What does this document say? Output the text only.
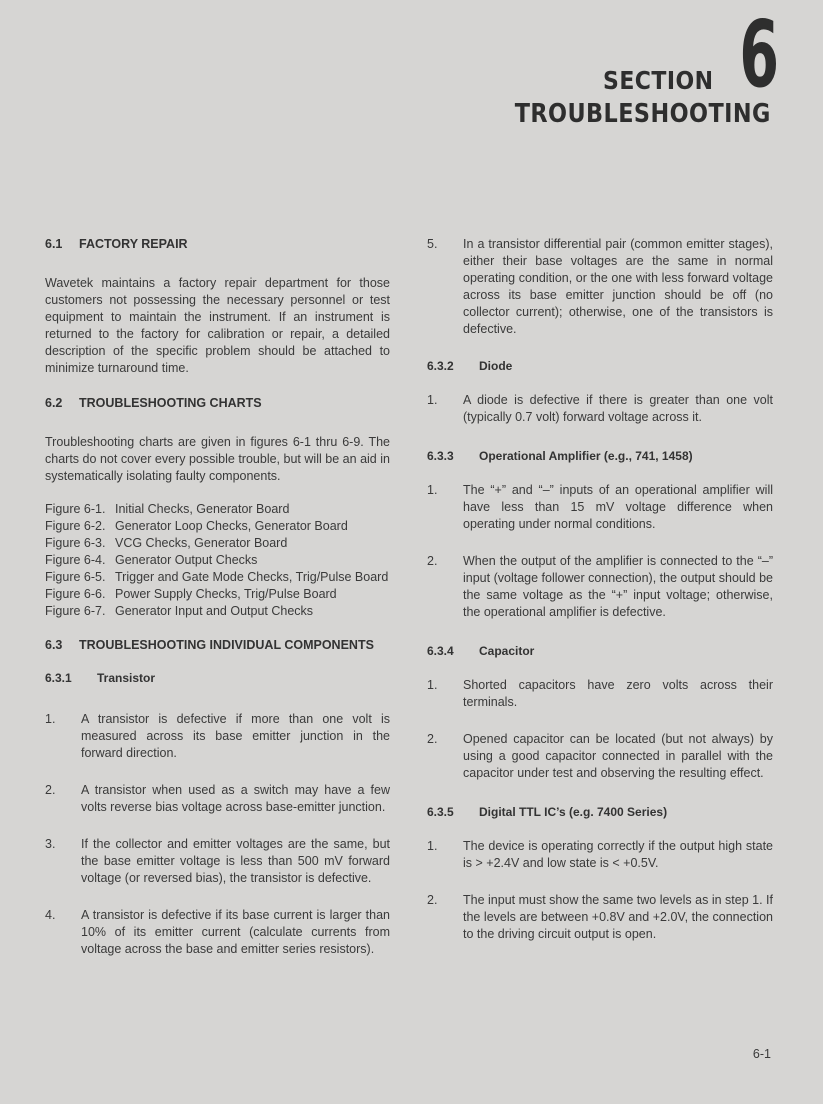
SECTION 6
TROUBLESHOOTING
6.1	FACTORY REPAIR

Wavetek maintains a factory repair department for those customers not possessing the necessary personnel or test equipment to maintain the instrument. If an instrument is returned to the factory for calibration or repair, a detailed description of the specific problem should be attached to minimize turnaround time.

6.2	TROUBLESHOOTING CHARTS

Troubleshooting charts are given in figures 6-1 thru 6-9. The charts do not cover every possible trouble, but will be an aid in systematically isolating faulty components.

Figure 6-1. Initial Checks, Generator Board
Figure 6-2. Generator Loop Checks, Generator Board
Figure 6-3. VCG Checks, Generator Board
Figure 6-4. Generator Output Checks
Figure 6-5. Trigger and Gate Mode Checks, Trig/Pulse Board
Figure 6-6. Power Supply Checks, Trig/Pulse Board
Figure 6-7. Generator Input and Output Checks
6.3	TROUBLESHOOTING INDIVIDUAL COMPONENTS
6.3.1	Transistor
1.	A transistor is defective if more than one volt is measured across its base emitter junction in the forward direction.
2.	A transistor when used as a switch may have a few volts reverse bias voltage across base-emitter junction.
3.	If the collector and emitter voltages are the same, but the base emitter voltage is less than 500 mV forward voltage (or reversed bias), the transistor is defective.
4.	A transistor is defective if its base current is larger than 10% of its emitter current (calculate currents from voltage across the base and emitter series resistors).
5.	In a transistor differential pair (common emitter stages), either their base voltages are the same in normal operating condition, or the one with less forward voltage across its base emitter junction should be off (no collector current); otherwise, one of the transistors is defective.
6.3.2	Diode
1.	A diode is defective if there is greater than one volt (typically 0.7 volt) forward voltage across it.
6.3.3	Operational Amplifier (e.g., 741, 1458)
1.	The “+” and “–” inputs of an operational amplifier will have less than 15 mV voltage difference when operating under normal conditions.
2.	When the output of the amplifier is connected to the “–” input (voltage follower connection), the output should be the same voltage as the “+” input voltage; otherwise, the operational amplifier is defective.
6.3.4	Capacitor
1.	Shorted capacitors have zero volts across their terminals.
2.	Opened capacitor can be located (but not always) by using a good capacitor connected in parallel with the capacitor under test and observing the resulting effect.
6.3.5	Digital TTL IC’s (e.g. 7400 Series)
1.	The device is operating correctly if the output high state is > +2.4V and low state is < +0.5V.
2.	The input must show the same two levels as in step 1. If the levels are between +0.8V and +2.0V, the connection to the driving circuit output is open.
6-1
